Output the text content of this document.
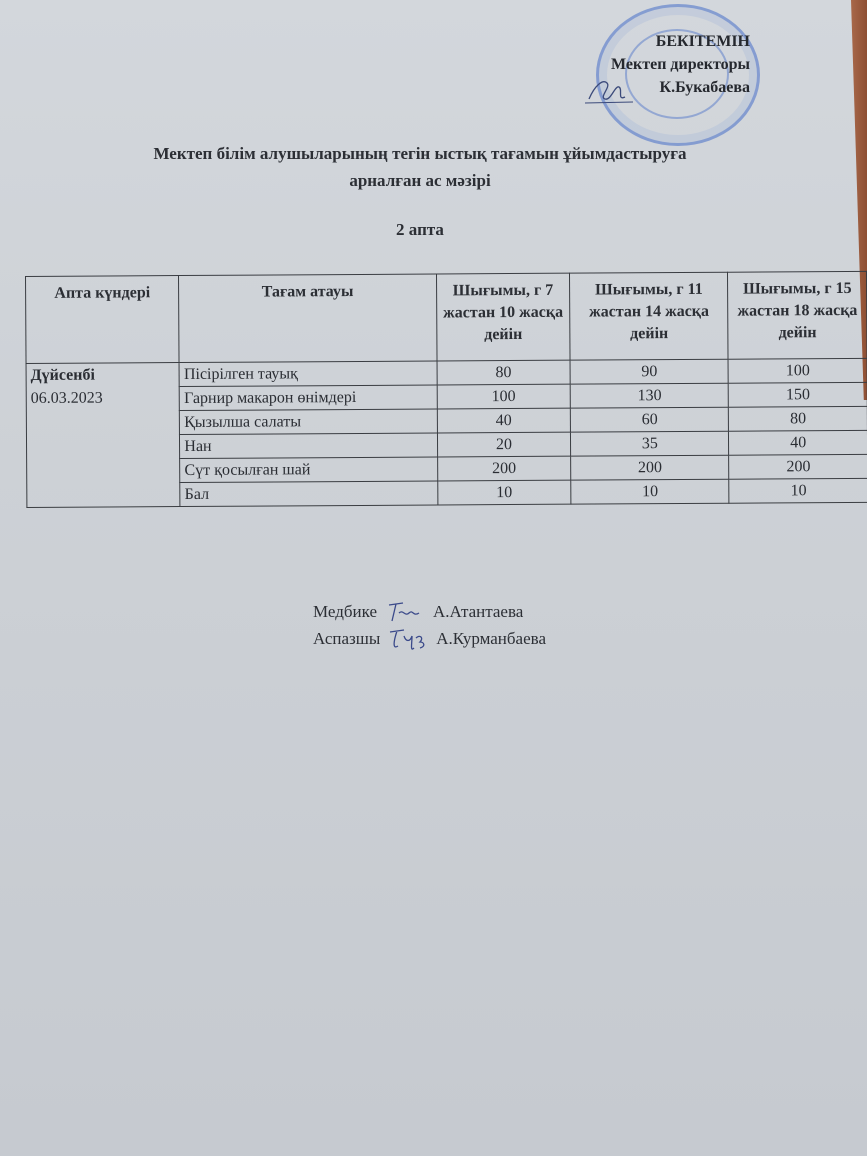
БЕКІТЕМІН
Мектеп директоры
К.Букабаева
Мектеп білім алушыларының тегін ыстық тағамын ұйымдастыруға
арналған ас мәзірі
2 апта
Апта күндері	Тағам атауы	Шығымы, г 7 жастан 10 жасқа дейін	Шығымы, г 11 жастан 14 жасқа дейін	Шығымы, г 15 жастан 18 жасқа дейін

Дүйсенбі
06.03.2023	Пісірілген тауық	80	90	100
	Гарнир макарон өнімдері	100	130	150
	Қызылша салаты	40	60	80
	Нан	20	35	40
	Сүт қосылған шай	200	200	200
	Бал	10	10	10
Медбике	А.Атантаева
Аспазшы	А.Курманбаева
